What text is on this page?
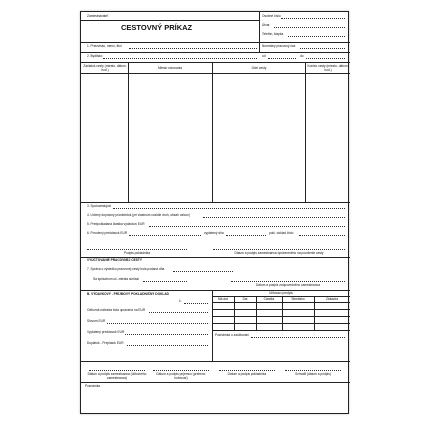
Zamestnávateľ
CESTOVNÝ PRÍKAZ
Osobné číslo
Útvar
Telefón, klapka
1. Priezvisko, meno, titul	Normálny pracovný čas
2. Bydlisko	od	do
Začiatok cesty (miesto, dátum, hod.)	Miesto rokovania	Účel cesty	Koniec cesty (miesto, dátum, hod.)
3. Spolucestujúci
4. Určený dopravný prostriedok (pri vlastnom vozidle druh, obsah valcov)
5. Predpokladaná čiastka výdavkov EUR
6. Povolený preddavok EUR	vyplatený dňa	pokl. doklad číslo
Podpis pokladníka	Dátum a podpis zamestnanca oprávneného na povolenie cesty
VYÚČTOVANIE PRACOVNEJ CESTY
7. Správa o výsledku pracovnej cesty bola podaná dňa
Sa spôsobom uč.-miesta súhlasí
Dátum a podpis zodpovedného zamestnanca
B. VÝDAVKOVÝ - PRÍJMOVÝ POKLADNIČNÝ DOKLAD
č.
Odborná náhrada bola upravená na EUR
Slovom EUR
Vyplatený preddavok EUR
Doplatok - Preplatok EUR
Účtovací predpis
Má dať	Dal	Čiastka	Stredisko	Zákazka
Poznámka o zaúčtovaní
Dátum a podpis zamestnanca (účtovného zamestnanca)
Dátum a podpis príjemcu (preberá: hotovosť)
Dátum a podpis pokladníka	Schválil (dátum a podpis)
Poznámka
